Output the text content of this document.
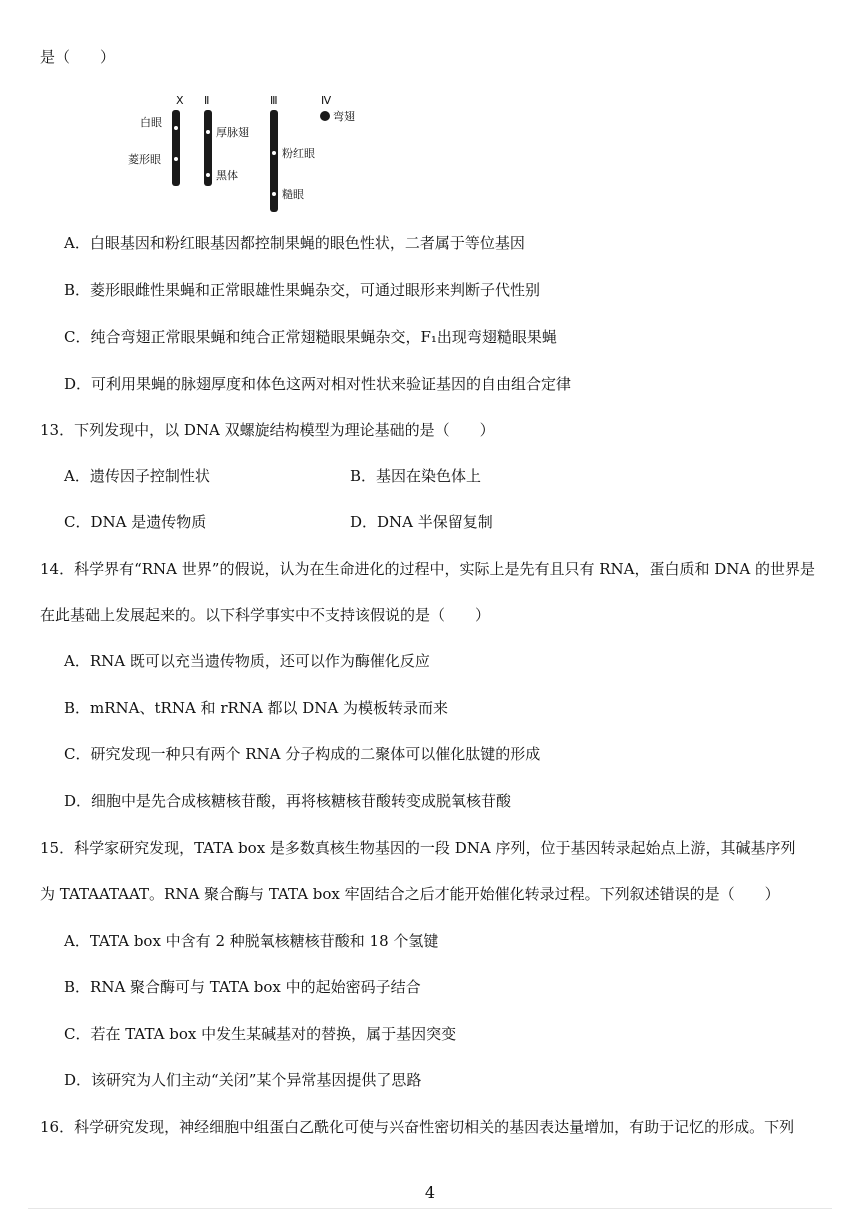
是（　　）
X
白眼
菱形眼
Ⅱ
厚脉翅
黑体
Ⅲ
粉红眼
糙眼
Ⅳ
弯翅
A．白眼基因和粉红眼基因都控制果蝇的眼色性状，二者属于等位基因
B．菱形眼雌性果蝇和正常眼雄性果蝇杂交，可通过眼形来判断子代性别
C．纯合弯翅正常眼果蝇和纯合正常翅糙眼果蝇杂交，F₁出现弯翅糙眼果蝇
D．可利用果蝇的脉翅厚度和体色这两对相对性状来验证基因的自由组合定律
13．下列发现中，以 DNA 双螺旋结构模型为理论基础的是（　　）
A．遗传因子控制性状	B．基因在染色体上
C．DNA 是遗传物质	D．DNA 半保留复制
14．科学界有“RNA 世界”的假说，认为在生命进化的过程中，实际上是先有且只有 RNA，蛋白质和 DNA 的世界是
在此基础上发展起来的。以下科学事实中不支持该假说的是（　　）
A．RNA 既可以充当遗传物质，还可以作为酶催化反应
B．mRNA、tRNA 和 rRNA 都以 DNA 为模板转录而来
C．研究发现一种只有两个 RNA 分子构成的二聚体可以催化肽键的形成
D．细胞中是先合成核糖核苷酸，再将核糖核苷酸转变成脱氧核苷酸
15．科学家研究发现，TATA box 是多数真核生物基因的一段 DNA 序列，位于基因转录起始点上游，其碱基序列
为 TATAATAAT。RNA 聚合酶与 TATA box 牢固结合之后才能开始催化转录过程。下列叙述错误的是（　　）
A．TATA box 中含有 2 种脱氧核糖核苷酸和 18 个氢键
B．RNA 聚合酶可与 TATA box 中的起始密码子结合
C．若在 TATA box 中发生某碱基对的替换，属于基因突变
D．该研究为人们主动“关闭”某个异常基因提供了思路
16．科学研究发现，神经细胞中组蛋白乙酰化可使与兴奋性密切相关的基因表达量增加，有助于记忆的形成。下列
4
